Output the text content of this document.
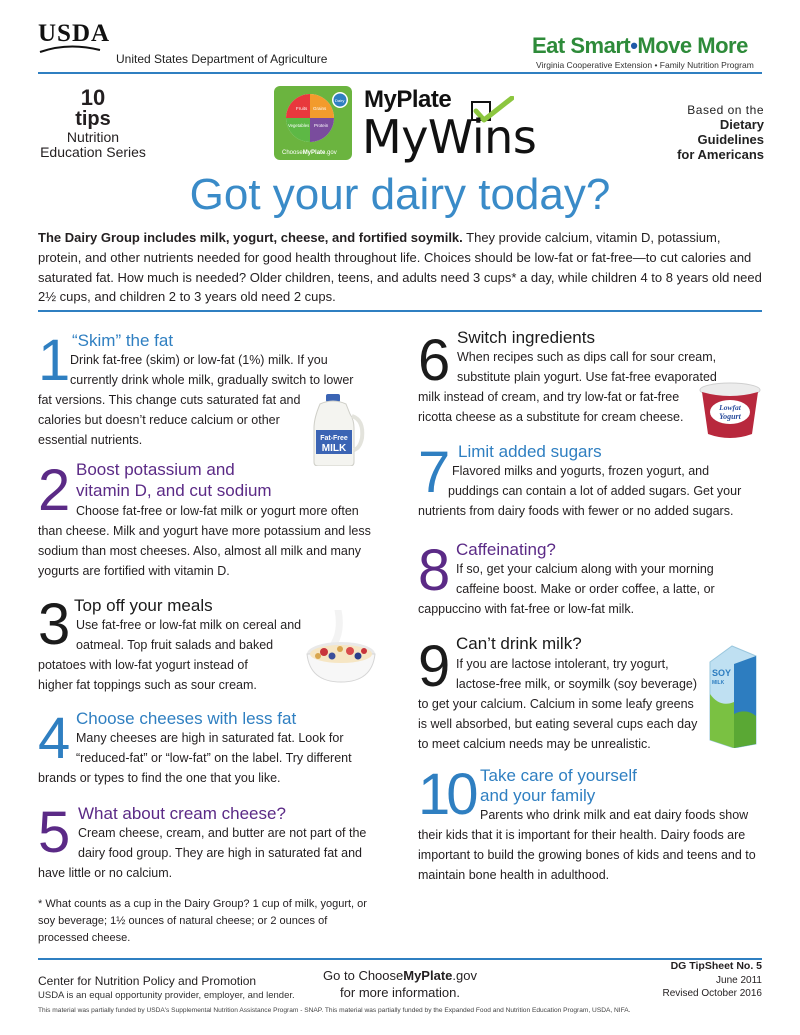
USDA
United States Department of Agriculture
Eat Smart•Move More
Virginia Cooperative Extension • Family Nutrition Program
10
tips
Nutrition
Education Series
Fruits Grains
Vegetables Protein
Dairy
ChooseMyPlate.gov
MyPlate
MyWins	Based on the
Dietary
Guidelines
for Americans
Got your dairy today?
The Dairy Group includes milk, yogurt, cheese, and fortified soymilk. They provide calcium, vitamin D, potassium, protein, and other nutrients needed for good health throughout life. Choices should be low-fat or fat-free—to cut calories and saturated fat. How much is needed? Older children, teens, and adults need 3 cups* a day, while children 4 to 8 years old need 2½ cups, and children 2 to 3 years old need 2 cups.
1 “Skim” the fat
Drink fat-free (skim) or low-fat (1%) milk. If you
currently drink whole milk, gradually switch to lower
fat versions. This change cuts saturated fat and calories but doesn’t reduce calcium or other essential nutrients.	Fat-Free
MILK
2 Boost potassium and
vitamin D, and cut sodium
Choose fat-free or low-fat milk or yogurt more often
than cheese. Milk and yogurt have more potassium and less sodium than most cheeses. Also, almost all milk and many yogurts are fortified with vitamin D.
3 Top off your meals
Use fat-free or low-fat milk on cereal and
oatmeal. Top fruit salads and baked
potatoes with low-fat yogurt instead of higher fat toppings such as sour cream.
4 Choose cheeses with less fat
Many cheeses are high in saturated fat. Look for
“reduced-fat” or “low-fat” on the label. Try different
brands or types to find the one that you like.
5 What about cream cheese?
Cream cheese, cream, and butter are not part of the
dairy food group. They are high in saturated fat and
have little or no calcium.
6 Switch ingredients
When recipes such as dips call for sour cream,
substitute plain yogurt. Use fat-free evaporated
milk instead of cream, and try low-fat or fat-free ricotta cheese as a substitute for cream cheese.
Lowfat
Yogurt
7 Limit added sugars
Flavored milks and yogurts, frozen yogurt, and
puddings can contain a lot of added sugars. Get your
nutrients from dairy foods with fewer or no added sugars.
8 Caffeinating?
If so, get your calcium along with your morning
caffeine boost. Make or order coffee, a latte, or
cappuccino with fat-free or low-fat milk.
9 Can’t drink milk?
If you are lactose intolerant, try yogurt,
lactose-free milk, or soymilk (soy beverage)
to get your calcium. Calcium in some leafy greens is well absorbed, but eating several cups each day to meet calcium needs may be unrealistic.
SOY
MILK
10 Take care of yourself
and your family
Parents who drink milk and eat dairy foods show
their kids that it is important for their health. Dairy foods are important to build the growing bones of kids and teens and to maintain bone health in adulthood.
* What counts as a cup in the Dairy Group? 1 cup of milk, yogurt, or soy beverage; 1½ ounces of natural cheese; or 2 ounces of processed cheese.
Center for Nutrition Policy and Promotion
USDA is an equal opportunity provider, employer, and lender.
Go to ChooseMyPlate.gov
for more information.
DG TipSheet No. 5
June 2011
Revised October 2016
This material was partially funded by USDA's Supplemental Nutrition Assistance Program - SNAP. This material was partially funded by the Expanded Food and Nutrition Education Program, USDA, NIFA.
